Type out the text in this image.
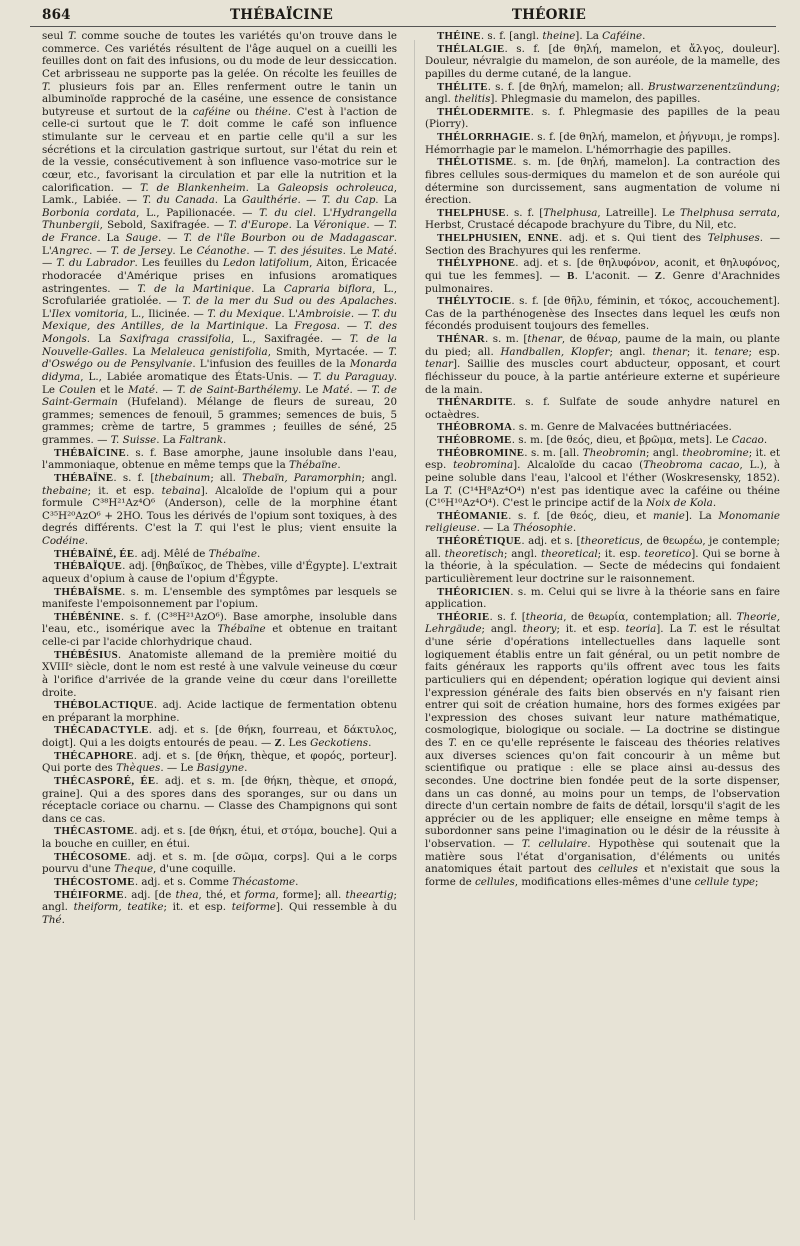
864	THÉBAÏCINE	THÉORIE

seul T. comme souche de toutes les variétés qu'on trouve dans le commerce. Ces variétés résultent de l'âge auquel on a cueilli les feuilles dont on fait des infusions, ou du mode de leur dessiccation. Cet arbrisseau ne supporte pas la gelée. On récolte les feuilles de T. plusieurs fois par an. Elles renferment outre le tanin un albuminoïde rapproché de la caséine, une essence de consistance butyreuse et surtout de la caféine ou théine. C'est à l'action de celle-ci surtout que le T. doit comme le café son influence stimulante sur le cerveau et en partie celle qu'il a sur les sécrétions et la circulation gastrique surtout, sur l'état du rein et de la vessie, consécutivement à son influence vaso-motrice sur le cœur, etc., favorisant la circulation et par elle la nutrition et la calorification. — T. de Blankenheim. La Galeopsis ochroleuca, Lamk., Labiée. — T. du Canada. La Gaulthérie. — T. du Cap. La Borbonia cordata, L., Papilionacée. — T. du ciel. L'Hydrangella Thunbergii, Sebold, Saxifragée. — T. d'Europe. La Véronique. — T. de France. La Sauge. — T. de l'île Bourbon ou de Madagascar. L'Angrec. — T. de Jersey. Le Céanothe. — T. des jésuites. Le Maté. — T. du Labrador. Les feuilles du Ledon latifolium, Aiton, Éricacée rhodoracée d'Amérique prises en infusions aromatiques astringentes. — T. de la Martinique. La Capraria biflora, L., Scrofulariée gratiolée. — T. de la mer du Sud ou des Apalaches. L'Ilex vomitoria, L., Ilicinée. — T. du Mexique. L'Ambroisie. — T. du Mexique, des Antilles, de la Martinique. La Fregosa. — T. des Mongols. La Saxifraga crassifolia, L., Saxifragée. — T. de la Nouvelle-Galles. La Melaleuca genistifolia, Smith, Myrtacée. — T. d'Oswégo ou de Pensylvanie. L'infusion des feuilles de la Monarda didyma, L., Labiée aromatique des États-Unis. — T. du Paraguay. Le Coulen et le Maté. — T. de Saint-Barthélemy. Le Maté. — T. de Saint-Germain (Hufeland). Mélange de fleurs de sureau, 20 grammes; semences de fenouil, 5 grammes; semences de buis, 5 grammes; crème de tartre, 5 grammes ; feuilles de séné, 25 grammes. — T. Suisse. La Faltrank.

THÉBAÏCINE. s. f. Base amorphe, jaune insoluble dans l'eau, l'ammoniaque, obtenue en même temps que la Thébaïne.

THÉBAÏNE. s. f. [thebainum; all. Thebaïn, Paramorphin; angl. thebaine; it. et esp. tebaina]. Alcaloïde de l'opium qui a pour formule C³⁸H²¹Az⁴O⁶ (Anderson), celle de la morphine étant C³⁵H²⁰AzO⁶ + 2HO. Tous les dérivés de l'opium sont toxiques, à des degrés différents. C'est la T. qui l'est le plus; vient ensuite la Codéine.

THÉBAÏNÉ, ÉE. adj. Mêlé de Thébaïne.

THÉBAÏQUE. adj. [θηβαϊκος, de Thèbes, ville d'Égypte]. L'extrait aqueux d'opium à cause de l'opium d'Égypte.

THÉBAÏSME. s. m. L'ensemble des symptômes par lesquels se manifeste l'empoisonnement par l'opium.

THÉBÉNINE. s. f. (C³⁸H²¹AzO⁶). Base amorphe, insoluble dans l'eau, etc., isomérique avec la Thébaïne et obtenue en traitant celle-ci par l'acide chlorhydrique chaud.

THÉBÉSIUS. Anatomiste allemand de la première moitié du XVIIIᵉ siècle, dont le nom est resté à une valvule veineuse du cœur à l'orifice d'arrivée de la grande veine du cœur dans l'oreillette droite.

THÉBOLACTIQUE. adj. Acide lactique de fermentation obtenu en préparant la morphine.

THÉCADACTYLE. adj. et s. [de θήκη, fourreau, et δάκτυλος, doigt]. Qui a les doigts entourés de peau. — Z. Les Geckotiens.

THÉCAPHORE. adj. et s. [de θήκη, thèque, et φορός, porteur]. Qui porte des Thèques. — Le Basigyne.

THÉCASPORÉ, ÉE. adj. et s. m. [de θήκη, thèque, et σπορά, graine]. Qui a des spores dans des sporanges, sur ou dans un réceptacle coriace ou charnu. — Classe des Champignons qui sont dans ce cas.

THÉCASTOME. adj. et s. [de θήκη, étui, et στόμα, bouche]. Qui a la bouche en cuiller, en étui.

THÉCOSOME. adj. et s. m. [de σῶμα, corps]. Qui a le corps pourvu d'une Theque, d'une coquille.

THÉCOSTOME. adj. et s. Comme Thécastome.

THÉIFORME. adj. [de thea, thé, et forma, forme]; all. theeartig; angl. theiform, teatike; it. et esp. teiforme]. Qui ressemble à du Thé.

THÉINE. s. f. [angl. theine]. La Caféine.

THÉLALGIE. s. f. [de θηλή, mamelon, et ἄλγος, douleur]. Douleur, névralgie du mamelon, de son auréole, de la mamelle, des papilles du derme cutané, de la langue.

THÉLITE. s. f. [de θηλή, mamelon; all. Brustwarzenentzündung; angl. thelitis]. Phlegmasie du mamelon, des papilles.

THÉLODERMITE. s. f. Phlegmasie des papilles de la peau (Piorry).

THÉLORRHAGIE. s. f. [de θηλή, mamelon, et ῥήγνυμι, je romps]. Hémorrhagie par le mamelon. L'hémorrhagie des papilles.

THÉLOTISME. s. m. [de θηλή, mamelon]. La contraction des fibres cellules sous-dermiques du mamelon et de son auréole qui détermine son durcissement, sans augmentation de volume ni érection.

THELPHUSE. s. f. [Thelphusa, Latreille]. Le Thelphusa serrata, Herbst, Crustacé décapode brachyure du Tibre, du Nil, etc.

THELPHUSIEN, ENNE. adj. et s. Qui tient des Telphuses. — Section des Brachyures qui les renferme.

THÉLYPHONE. adj. et s. [de θηλυφόνον, aconit, et θηλυφόνος, qui tue les femmes]. — B. L'aconit. — Z. Genre d'Arachnides pulmonaires.

THÉLYTOCIE. s. f. [de θῆλυ, féminin, et τόκος, accouchement]. Cas de la parthénogenèse des Insectes dans lequel les œufs non fécondés produisent toujours des femelles.

THÉNAR. s. m. [thenar, de θέναρ, paume de la main, ou plante du pied; all. Handballen, Klopfer; angl. thenar; it. tenare; esp. tenar]. Saillie des muscles court abducteur, opposant, et court fléchisseur du pouce, à la partie antérieure externe et supérieure de la main.

THÉNARDITE. s. f. Sulfate de soude anhydre naturel en octaèdres.

THÉOBROMA. s. m. Genre de Malvacées buttnériacées.

THÉOBROME. s. m. [de θεός, dieu, et βρῶμα, mets]. Le Cacao.

THÉOBROMINE. s. m. [all. Theobromin; angl. theobromine; it. et esp. teobromina]. Alcaloïde du cacao (Theobroma cacao, L.), à peine soluble dans l'eau, l'alcool et l'éther (Woskresensky, 1852). La T. (C¹⁴H⁸Az⁴O⁴) n'est pas identique avec la caféine ou théine (C¹⁶H¹⁰Az⁴O⁴). C'est le principe actif de la Noix de Kola.

THÉOMANIE. s. f. [de θεός, dieu, et manie]. La Monomanie religieuse. — La Théosophie.

THÉORÉTIQUE. adj. et s. [theoreticus, de θεωρέω, je contemple; all. theoretisch; angl. theoretical; it. esp. teoretico]. Qui se borne à la théorie, à la spéculation. — Secte de médecins qui fondaient particulièrement leur doctrine sur le raisonnement.

THÉORICIEN. s. m. Celui qui se livre à la théorie sans en faire application.

THÉORIE. s. f. [theoria, de θεωρία, contemplation; all. Theorie, Lehrgäude; angl. theory; it. et esp. teoria]. La T. est le résultat d'une série d'opérations intellectuelles dans laquelle sont logiquement établis entre un fait général, ou un petit nombre de faits généraux les rapports qu'ils offrent avec tous les faits particuliers qui en dépendent; opération logique qui devient ainsi l'expression générale des faits bien observés en n'y faisant rien entrer qui soit de création humaine, hors des formes exigées par l'expression des choses suivant leur nature mathématique, cosmologique, biologique ou sociale. — La doctrine se distingue des T. en ce qu'elle représente le faisceau des théories relatives aux diverses sciences qu'on fait concourir à un même but scientifique ou pratique : elle se place ainsi au-dessus des secondes. Une doctrine bien fondée peut de la sorte dispenser, dans un cas donné, au moins pour un temps, de l'observation directe d'un certain nombre de faits de détail, lorsqu'il s'agit de les apprécier ou de les appliquer; elle enseigne en même temps à subordonner sans peine l'imagination ou le désir de la réussite à l'observation. — T. cellulaire. Hypothèse qui soutenait que la matière sous l'état d'organisation, d'éléments ou unités anatomiques était partout des cellules et n'existait que sous la forme de cellules, modifications elles-mêmes d'une cellule type;
